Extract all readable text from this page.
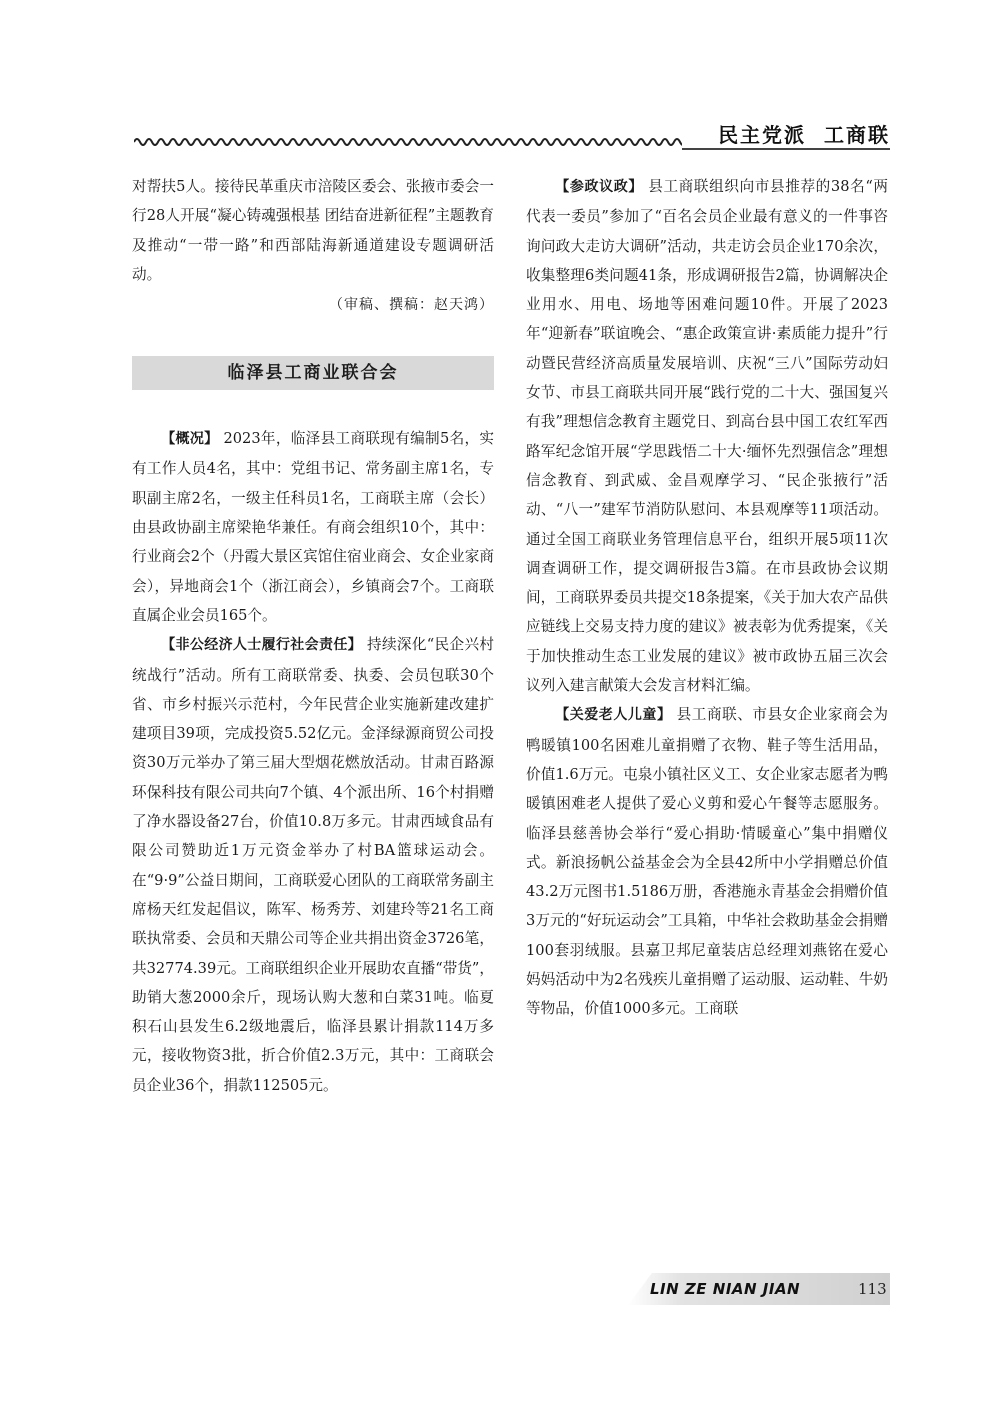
民主党派  工商联

对帮扶5人。接待民革重庆市涪陵区委会、张掖市委会一行28人开展“凝心铸魂强根基 团结奋进新征程”主题教育及推动“一带一路”和西部陆海新通道建设专题调研活动。

（审稿、撰稿：赵天鸿）
临泽县工商业联合会

【概况】 2023年，临泽县工商联现有编制5名，实有工作人员4名，其中：党组书记、常务副主席1名，专职副主席2名，一级主任科员1名，工商联主席（会长）由县政协副主席梁艳华兼任。有商会组织10个，其中：行业商会2个（丹霞大景区宾馆住宿业商会、女企业家商会），异地商会1个（浙江商会），乡镇商会7个。工商联直属企业会员165个。

【非公经济人士履行社会责任】 持续深化“民企兴村统战行”活动。所有工商联常委、执委、会员包联30个省、市乡村振兴示范村，今年民营企业实施新建改建扩建项目39项，完成投资5.52亿元。金泽绿源商贸公司投资30万元举办了第三届大型烟花燃放活动。甘肃百路源环保科技有限公司共向7个镇、4个派出所、16个村捐赠了净水器设备27台，价值10.8万多元。甘肃西域食品有限公司赞助近1万元资金举办了村BA篮球运动会。在“9·9”公益日期间，工商联爱心团队的工商联常务副主席杨天红发起倡议，陈军、杨秀芳、刘建玲等21名工商联执常委、会员和天鼎公司等企业共捐出资金3726笔，共32774.39元。工商联组织企业开展助农直播“带货”，助销大葱2000余斤，现场认购大葱和白菜31吨。临夏积石山县发生6.2级地震后，临泽县累计捐款114万多元，接收物资3批，折合价值2.3万元，其中：工商联会员企业36个，捐款112505元。

【参政议政】 县工商联组织向市县推荐的38名“两代表一委员”参加了“百名会员企业最有意义的一件事咨询问政大走访大调研”活动，共走访会员企业170余次，收集整理6类问题41条，形成调研报告2篇，协调解决企业用水、用电、场地等困难问题10件。开展了2023年“迎新春”联谊晚会、“惠企政策宣讲·素质能力提升”行动暨民营经济高质量发展培训、庆祝“三八”国际劳动妇女节、市县工商联共同开展“践行党的二十大、强国复兴有我”理想信念教育主题党日、到高台县中国工农红军西路军纪念馆开展“学思践悟二十大·缅怀先烈强信念”理想信念教育、到武威、金昌观摩学习、“民企张掖行”活动、“八一”建军节消防队慰问、本县观摩等11项活动。通过全国工商联业务管理信息平台，组织开展5项11次调查调研工作，提交调研报告3篇。在市县政协会议期间，工商联界委员共提交18条提案，《关于加大农产品供应链线上交易支持力度的建议》被表彰为优秀提案，《关于加快推动生态工业发展的建议》被市政协五届三次会议列入建言献策大会发言材料汇编。

【关爱老人儿童】 县工商联、市县女企业家商会为鸭暖镇100名困难儿童捐赠了衣物、鞋子等生活用品，价值1.6万元。屯泉小镇社区义工、女企业家志愿者为鸭暖镇困难老人提供了爱心义剪和爱心午餐等志愿服务。临泽县慈善协会举行“爱心捐助·情暖童心”集中捐赠仪式。新浪扬帆公益基金会为全县42所中小学捐赠总价值43.2万元图书1.5186万册，香港施永青基金会捐赠价值3万元的“好玩运动会”工具箱，中华社会救助基金会捐赠100套羽绒服。县嘉卫邦尼童装店总经理刘燕铭在爱心妈妈活动中为2名残疾儿童捐赠了运动服、运动鞋、牛奶等物品，价值1000多元。工商联

LIN ZE NIAN JIAN	113
